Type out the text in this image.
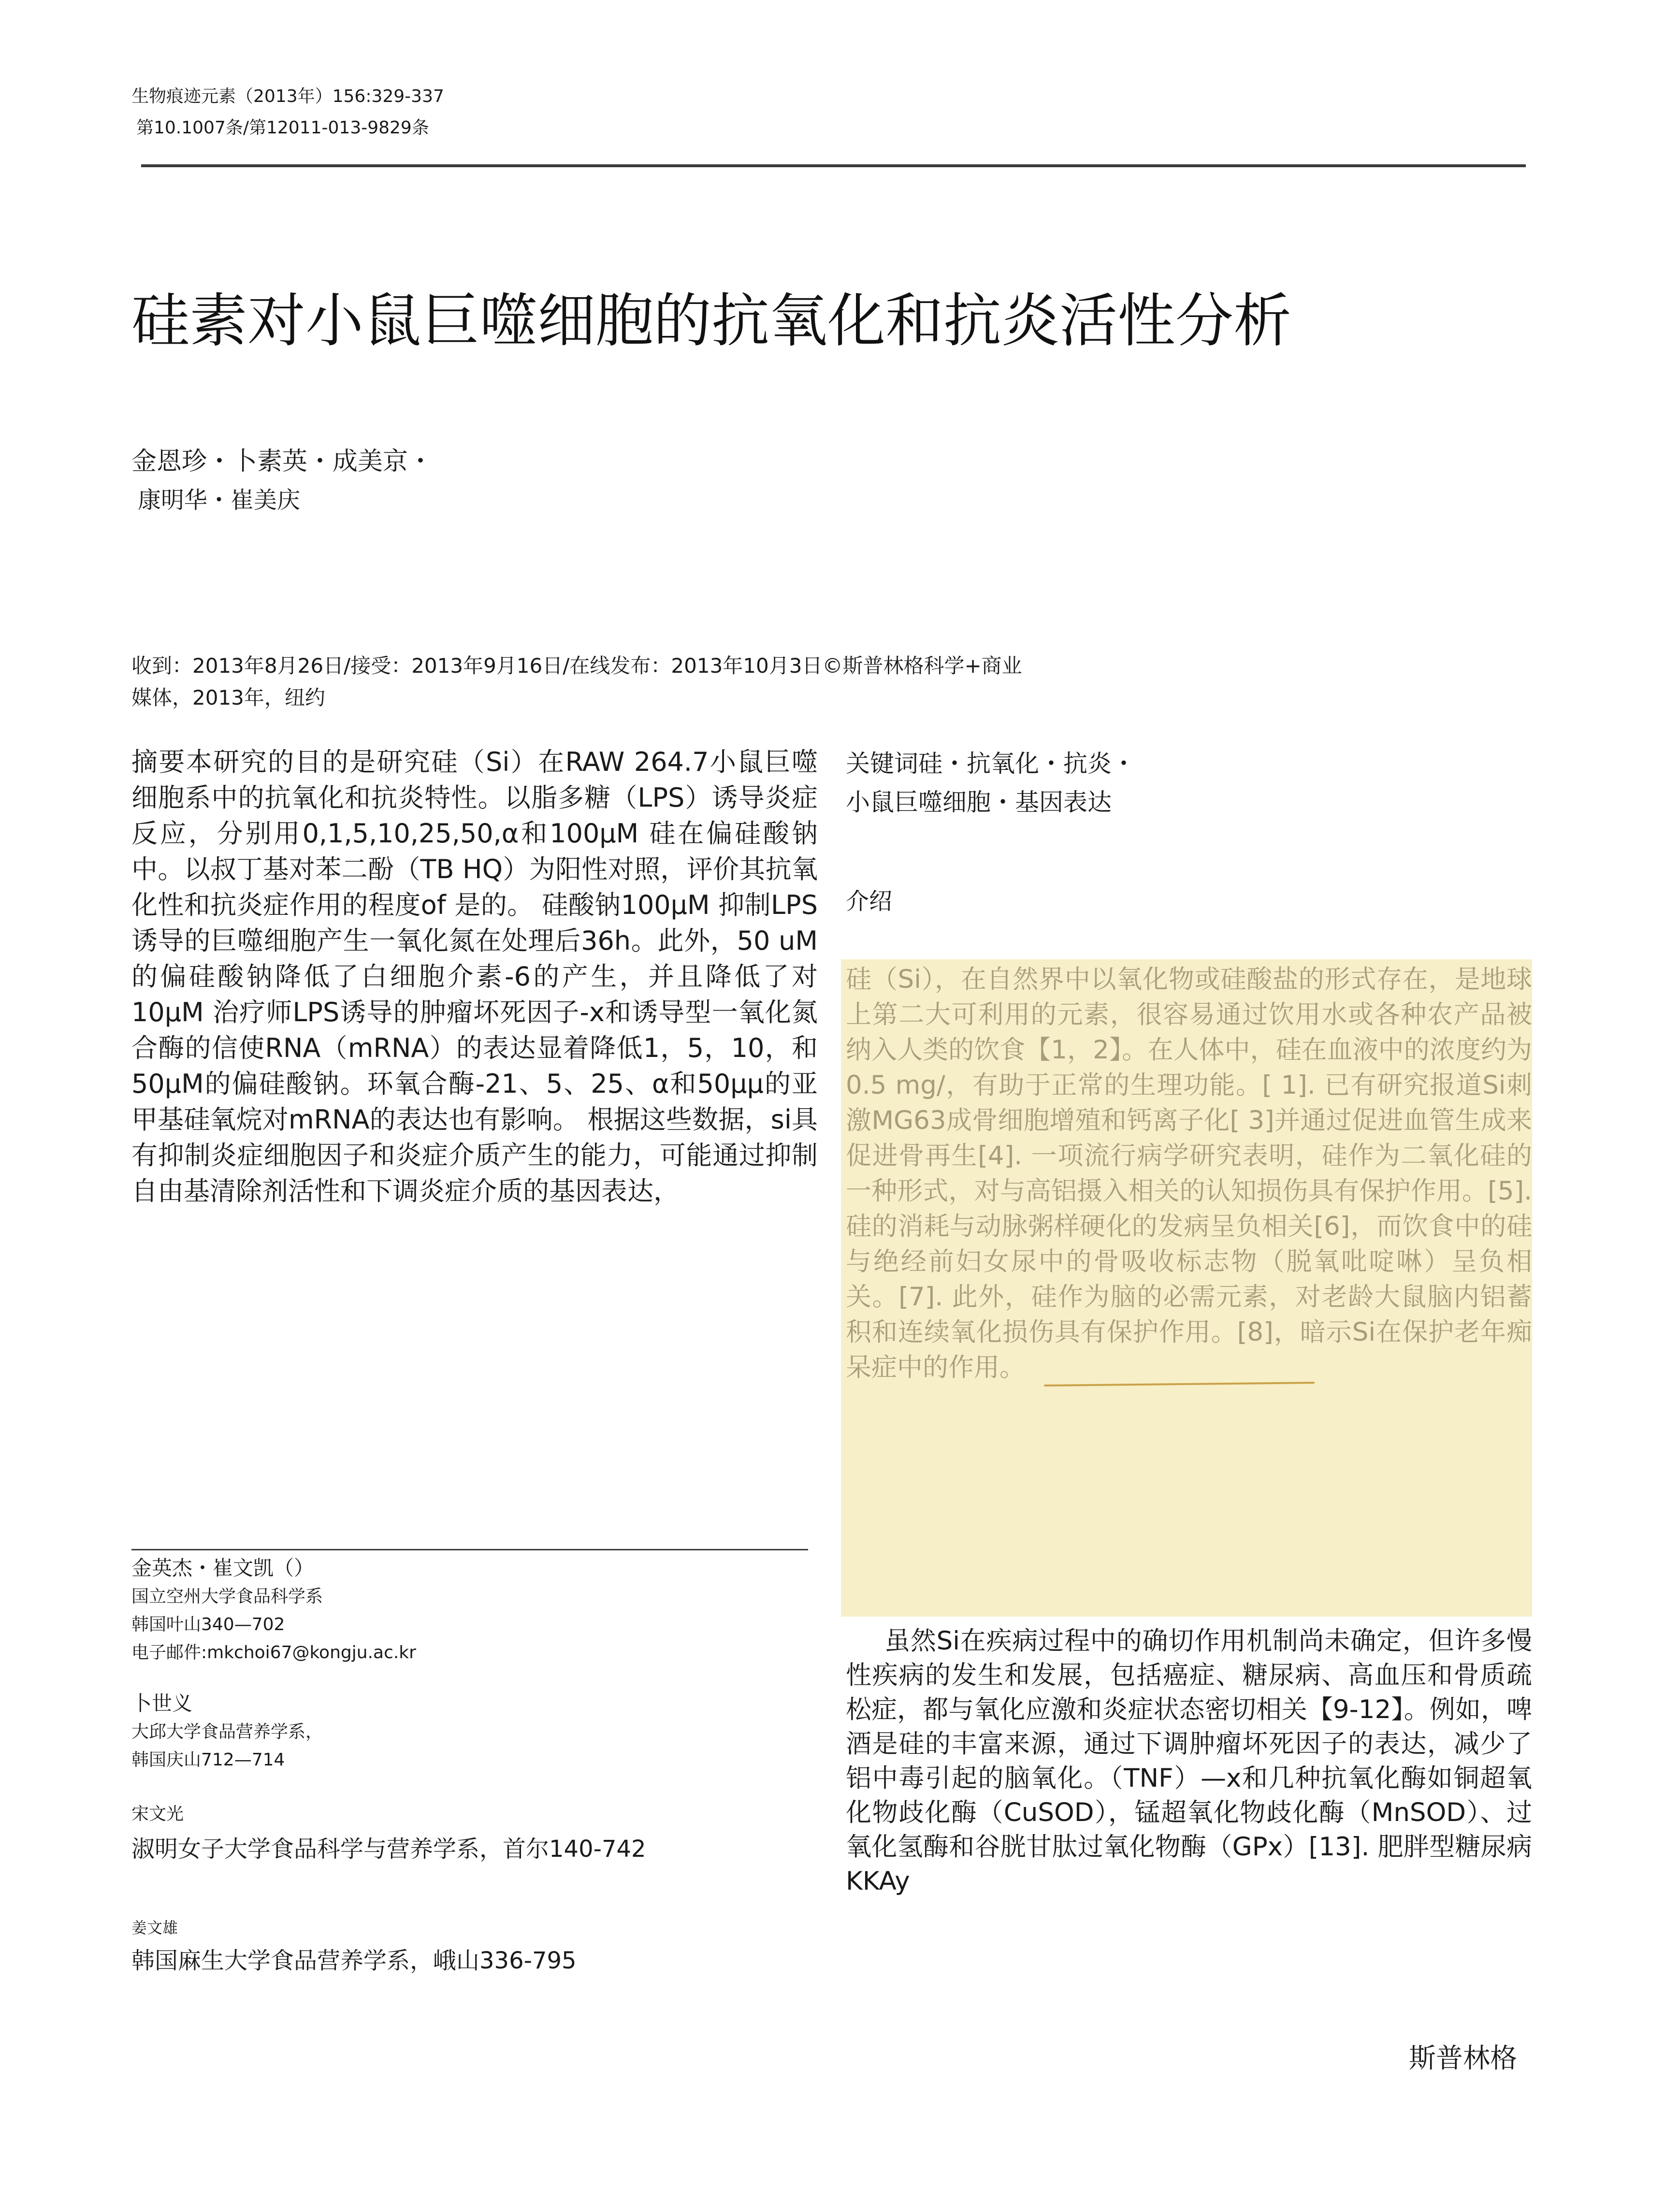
生物痕迹元素（2013年）156:329-337
第10.1007条/第12011-013-9829条
硅素对小鼠巨噬细胞的抗氧化和抗炎活性分析
金恩珍・卜素英・成美京・
康明华・崔美庆
收到：2013年8月26日/接受：2013年9月16日/在线发布：2013年10月3日©斯普林格科学+商业媒体，2013年，纽约
摘要本研究的目的是研究硅（Si）在RAW 264.7小鼠巨噬细胞系中的抗氧化和抗炎特性。以脂多糖（LPS）诱导炎症反应，分别用0,1,5,10,25,50,α和100μM 硅在偏硅酸钠中。以叔丁基对苯二酚（TB HQ）为阳性对照，评价其抗氧化性和抗炎症作用的程度of 是的。 硅酸钠100μM 抑制LPS诱导的巨噬细胞产生一氧化氮在处理后36h。此外，50 uM的偏硅酸钠降低了白细胞介素-6的产生，并且降低了对10μM 治疗师LPS诱导的肿瘤坏死因子-x和诱导型一氧化氮合酶的信使RNA（mRNA）的表达显着降低1，5，10，和50μM的偏硅酸钠。环氧合酶-21、5、25、α和50μμ的亚甲基硅氧烷对mRNA的表达也有影响。 根据这些数据，si具有抑制炎症细胞因子和炎症介质产生的能力，可能通过抑制自由基清除剂活性和下调炎症介质的基因表达，
关键词硅・抗氧化・抗炎・
小鼠巨噬细胞・基因表达
介绍
硅（Si），在自然界中以氧化物或硅酸盐的形式存在，是地球上第二大可利用的元素，很容易通过饮用水或各种农产品被纳入人类的饮食【1，2】。在人体中，硅在血液中的浓度约为0.5 mg/，有助于正常的生理功能。[ 1]. 已有研究报道Si刺激MG63成骨细胞增殖和钙离子化[ 3]并通过促进血管生成来促进骨再生[4]. 一项流行病学研究表明，硅作为二氧化硅的一种形式，对与高铝摄入相关的认知损伤具有保护作用。[5]. 硅的消耗与动脉粥样硬化的发病呈负相关[6]，而饮食中的硅与绝经前妇女尿中的骨吸收标志物（脱氧吡啶啉）呈负相关。[7]. 此外，硅作为脑的必需元素，对老龄大鼠脑内铝蓄积和连续氧化损伤具有保护作用。[8]，暗示Si在保护老年痴呆症中的作用。
虽然Si在疾病过程中的确切作用机制尚未确定，但许多慢性疾病的发生和发展，包括癌症、糖尿病、高血压和骨质疏松症，都与氧化应激和炎症状态密切相关【9-12】。例如，啤酒是硅的丰富来源，通过下调肿瘤坏死因子的表达，减少了铝中毒引起的脑氧化。（TNF）—x和几种抗氧化酶如铜超氧化物歧化酶（CuSOD），锰超氧化物歧化酶（MnSOD）、过氧化氢酶和谷胱甘肽过氧化物酶（GPx）[13]. 肥胖型糖尿病KKAy
金英杰・崔文凯（）
国立空州大学食品科学系
韩国叶山340—702
电子邮件:mkchoi67@kongju.ac.kr
卜世义
大邱大学食品营养学系，
韩国庆山712—714
宋文光
淑明女子大学食品科学与营养学系，首尔140-742
姜文雄
韩国麻生大学食品营养学系，峨山336-795
斯普林格
